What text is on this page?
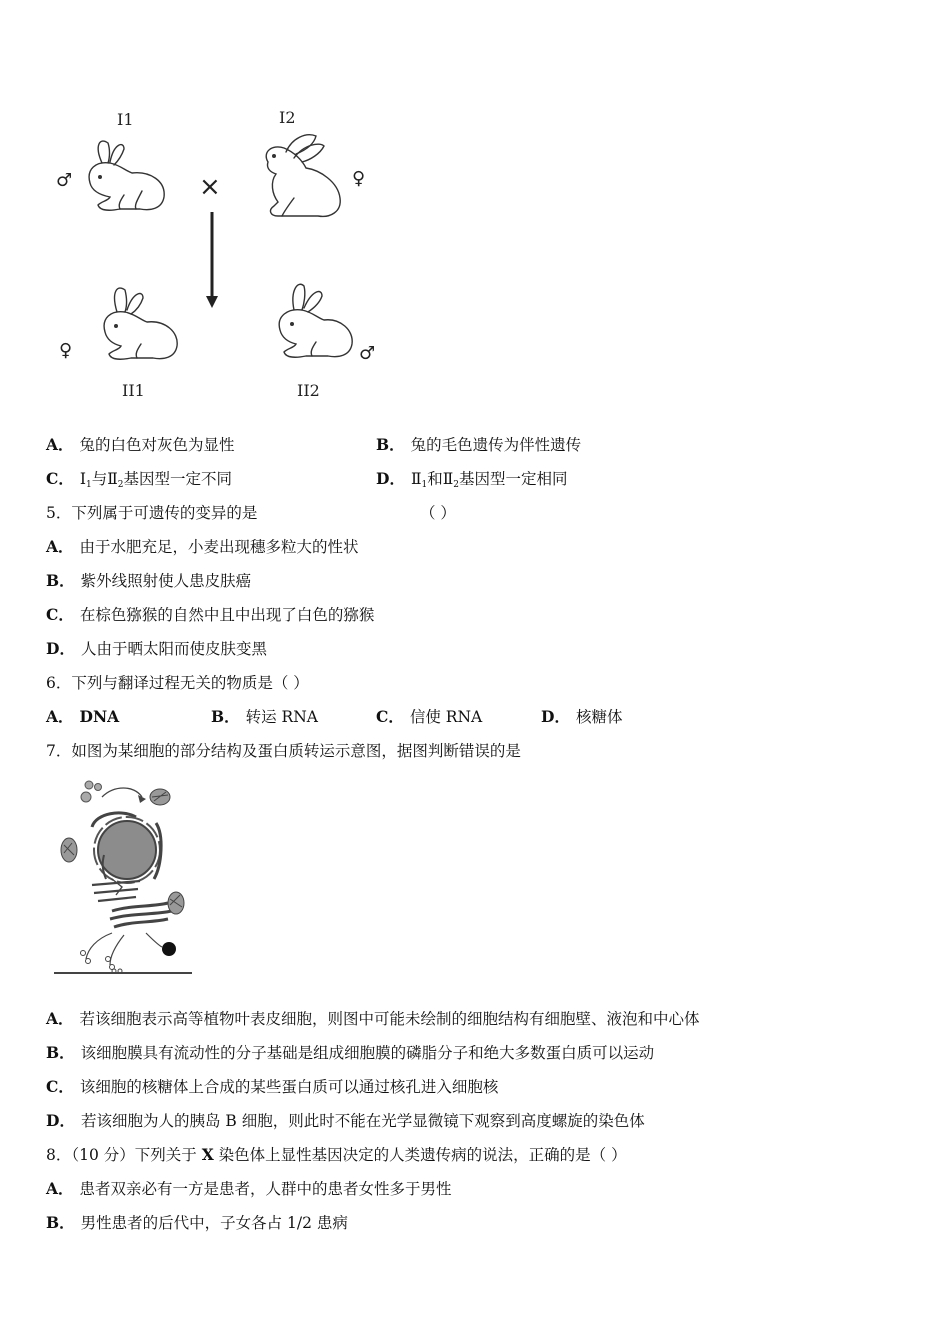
I1	I2
II1	II2
♂	♀
♀	♂
×
A． 兔的白色对灰色为显性	B． 兔的毛色遗传为伴性遗传
C． $Ⅰ_1$与$Ⅱ_2$基因型一定不同	D． $Ⅱ_1$和$Ⅱ_2$基因型一定相同
5．下列属于可遗传的变异的是	（ ）
A． 由于水肥充足，小麦出现穗多粒大的性状
B． 紫外线照射使人患皮肤癌
C． 在棕色猕猴的自然中且中出现了白色的猕猴
D． 人由于晒太阳而使皮肤变黑
6．下列与翻译过程无关的物质是（ ）
A． DNA	B． 转运 RNA	C． 信使 RNA	D． 核糖体
7．如图为某细胞的部分结构及蛋白质转运示意图，据图判断错误的是
A． 若该细胞表示高等植物叶表皮细胞，则图中可能未绘制的细胞结构有细胞壁、液泡和中心体
B． 该细胞膜具有流动性的分子基础是组成细胞膜的磷脂分子和绝大多数蛋白质可以运动
C． 该细胞的核糖体上合成的某些蛋白质可以通过核孔进入细胞核
D． 若该细胞为人的胰岛 B 细胞，则此时不能在光学显微镜下观察到高度螺旋的染色体
8．（10 分）下列关于 X 染色体上显性基因决定的人类遗传病的说法，正确的是（ ）
A． 患者双亲必有一方是患者，人群中的患者女性多于男性
B． 男性患者的后代中，子女各占 1/2 患病
